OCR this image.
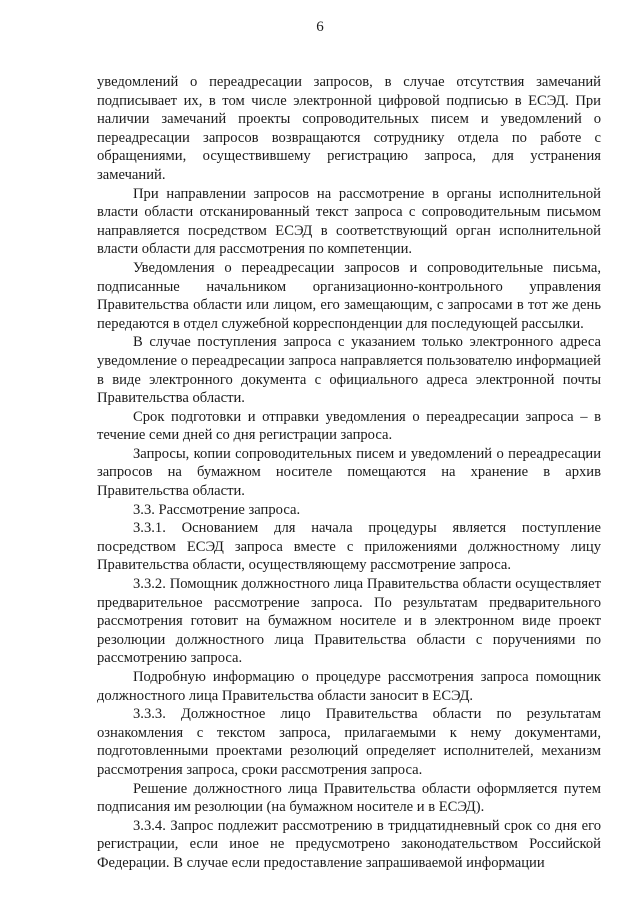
6

уведомлений о переадресации запросов, в случае отсутствия замечаний подписывает их, в том числе электронной цифровой подписью в ЕСЭД. При наличии замечаний проекты сопроводительных писем и уведомлений о переадресации запросов возвращаются сотруднику отдела по работе с обращениями, осуществившему регистрацию запроса, для устранения замечаний.

При направлении запросов на рассмотрение в органы исполнительной власти области отсканированный текст запроса с сопроводительным письмом направляется посредством ЕСЭД в соответствующий орган исполнительной власти области для рассмотрения по компетенции.

Уведомления о переадресации запросов и сопроводительные письма, подписанные начальником организационно-контрольного управления Правительства области или лицом, его замещающим, с запросами в тот же день передаются в отдел служебной корреспонденции для последующей рассылки.

В случае поступления запроса с указанием только электронного адреса уведомление о переадресации запроса направляется пользователю информацией в виде электронного документа с официального адреса электронной почты Правительства области.

Срок подготовки и отправки уведомления о переадресации запроса – в течение семи дней со дня регистрации запроса.

Запросы, копии сопроводительных писем и уведомлений о переадресации запросов на бумажном носителе помещаются на хранение в архив Правительства области.

3.3. Рассмотрение запроса.

3.3.1. Основанием для начала процедуры является поступление посредством ЕСЭД запроса вместе с приложениями должностному лицу Правительства области, осуществляющему рассмотрение запроса.

3.3.2. Помощник должностного лица Правительства области осуществляет предварительное рассмотрение запроса. По результатам предварительного рассмотрения готовит на бумажном носителе и в электронном виде проект резолюции должностного лица Правительства области с поручениями по рассмотрению запроса.

Подробную информацию о процедуре рассмотрения запроса помощник должностного лица Правительства области заносит в ЕСЭД.

3.3.3. Должностное лицо Правительства области по результатам ознакомления с текстом запроса, прилагаемыми к нему документами, подготовленными проектами резолюций определяет исполнителей, механизм рассмотрения запроса, сроки рассмотрения запроса.

Решение должностного лица Правительства области оформляется путем подписания им резолюции (на бумажном носителе и в ЕСЭД).

3.3.4. Запрос подлежит рассмотрению в тридцатидневный срок со дня его регистрации, если иное не предусмотрено законодательством Российской Федерации. В случае если предоставление запрашиваемой информации
